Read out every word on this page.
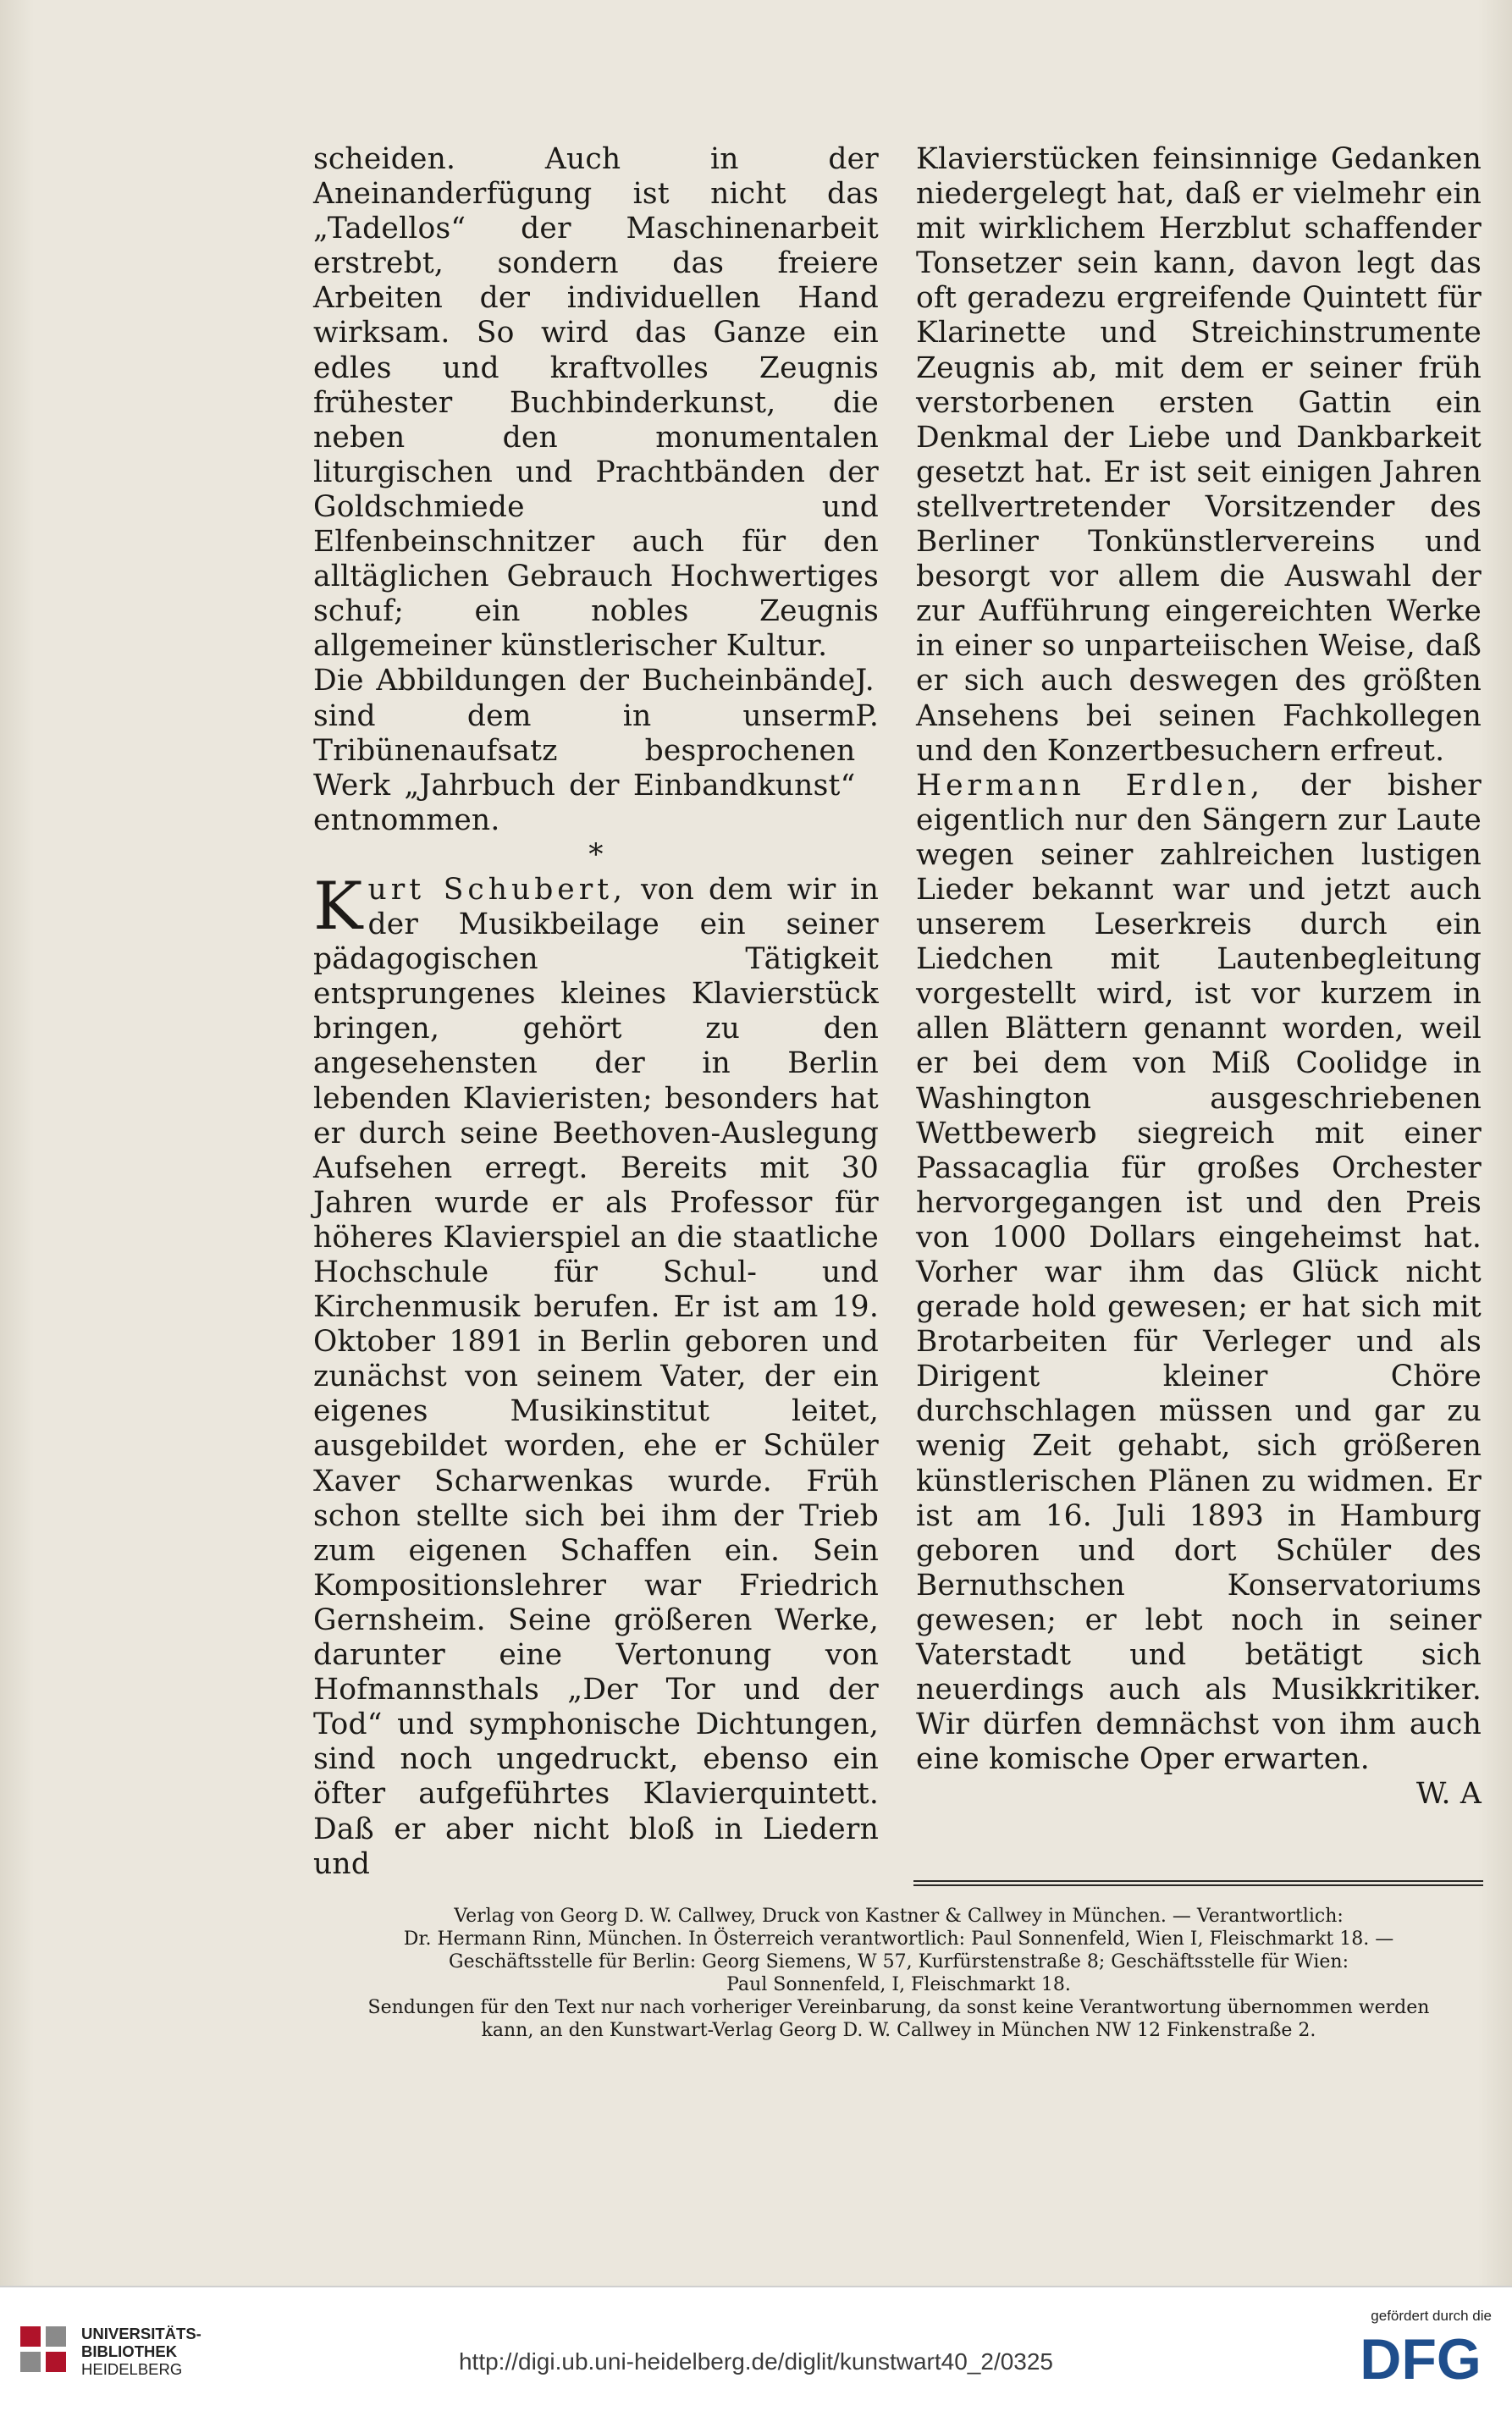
scheiden. Auch in der Aneinanderfügung ist nicht das „Tadellos“ der Maschinenarbeit erstrebt, sondern das freiere Arbeiten der individuellen Hand wirksam. So wird das Ganze ein edles und kraftvolles Zeugnis frühester Buchbinderkunst, die neben den monumentalen liturgischen und Prachtbänden der Goldschmiede und Elfenbeinschnitzer auch für den alltäglichen Gebrauch Hochwertiges schuf; ein nobles Zeugnis allgemeiner künstlerischer Kultur.

Die Abbildungen der Bucheinbände sind dem in unserm Tribünenaufsatz besprochenen Werk „Jahrbuch der Einbandkunst“ entnommen.
J. P.

*

Kurt Schubert, von dem wir in der Musikbeilage ein seiner pädagogischen Tätigkeit entsprungenes kleines Klavierstück bringen, gehört zu den angesehensten der in Berlin lebenden Klavieristen; besonders hat er durch seine Beethoven-Auslegung Aufsehen erregt. Bereits mit 30 Jahren wurde er als Professor für höheres Klavierspiel an die staatliche Hochschule für Schul- und Kirchenmusik berufen. Er ist am 19. Oktober 1891 in Berlin geboren und zunächst von seinem Vater, der ein eigenes Musikinstitut leitet, ausgebildet worden, ehe er Schüler Xaver Scharwenkas wurde. Früh schon stellte sich bei ihm der Trieb zum eigenen Schaffen ein. Sein Kompositionslehrer war Friedrich Gernsheim. Seine größeren Werke, darunter eine Vertonung von Hofmannsthals „Der Tor und der Tod“ und symphonische Dichtungen, sind noch ungedruckt, ebenso ein öfter aufgeführtes Klavierquintett. Daß er aber nicht bloß in Liedern und

Klavierstücken feinsinnige Gedanken niedergelegt hat, daß er vielmehr ein mit wirklichem Herzblut schaffender Tonsetzer sein kann, davon legt das oft geradezu ergreifende Quintett für Klarinette und Streichinstrumente Zeugnis ab, mit dem er seiner früh verstorbenen ersten Gattin ein Denkmal der Liebe und Dankbarkeit gesetzt hat. Er ist seit einigen Jahren stellvertretender Vorsitzender des Berliner Tonkünstlervereins und besorgt vor allem die Auswahl der zur Aufführung eingereichten Werke in einer so unparteiischen Weise, daß er sich auch deswegen des größten Ansehens bei seinen Fachkollegen und den Konzertbesuchern erfreut.

Hermann Erdlen, der bisher eigentlich nur den Sängern zur Laute wegen seiner zahlreichen lustigen Lieder bekannt war und jetzt auch unserem Leserkreis durch ein Liedchen mit Lautenbegleitung vorgestellt wird, ist vor kurzem in allen Blättern genannt worden, weil er bei dem von Miß Coolidge in Washington ausgeschriebenen Wettbewerb siegreich mit einer Passacaglia für großes Orchester hervorgegangen ist und den Preis von 1000 Dollars eingeheimst hat. Vorher war ihm das Glück nicht gerade hold gewesen; er hat sich mit Brotarbeiten für Verleger und als Dirigent kleiner Chöre durchschlagen müssen und gar zu wenig Zeit gehabt, sich größeren künstlerischen Plänen zu widmen. Er ist am 16. Juli 1893 in Hamburg geboren und dort Schüler des Bernuthschen Konservatoriums gewesen; er lebt noch in seiner Vaterstadt und betätigt sich neuerdings auch als Musikkritiker. Wir dürfen demnächst von ihm auch eine komische Oper erwarten.

W. A

Verlag von Georg D. W. Callwey, Druck von Kastner & Callwey in München. — Verantwortlich:

Dr. Hermann Rinn, München. In Österreich verantwortlich: Paul Sonnenfeld, Wien I, Fleischmarkt 18. —

Geschäftsstelle für Berlin: Georg Siemens, W 57, Kurfürstenstraße 8; Geschäftsstelle für Wien:

Paul Sonnenfeld, I, Fleischmarkt 18.

Sendungen für den Text nur nach vorheriger Vereinbarung, da sonst keine Verantwortung übernommen werden

kann, an den Kunstwart-Verlag Georg D. W. Callwey in München NW 12 Finkenstraße 2.

UNIVERSITÄTS-
BIBLIOTHEK
HEIDELBERG	http://digi.ub.uni-heidelberg.de/diglit/kunstwart40_2/0325
gefördert durch die
DFG
